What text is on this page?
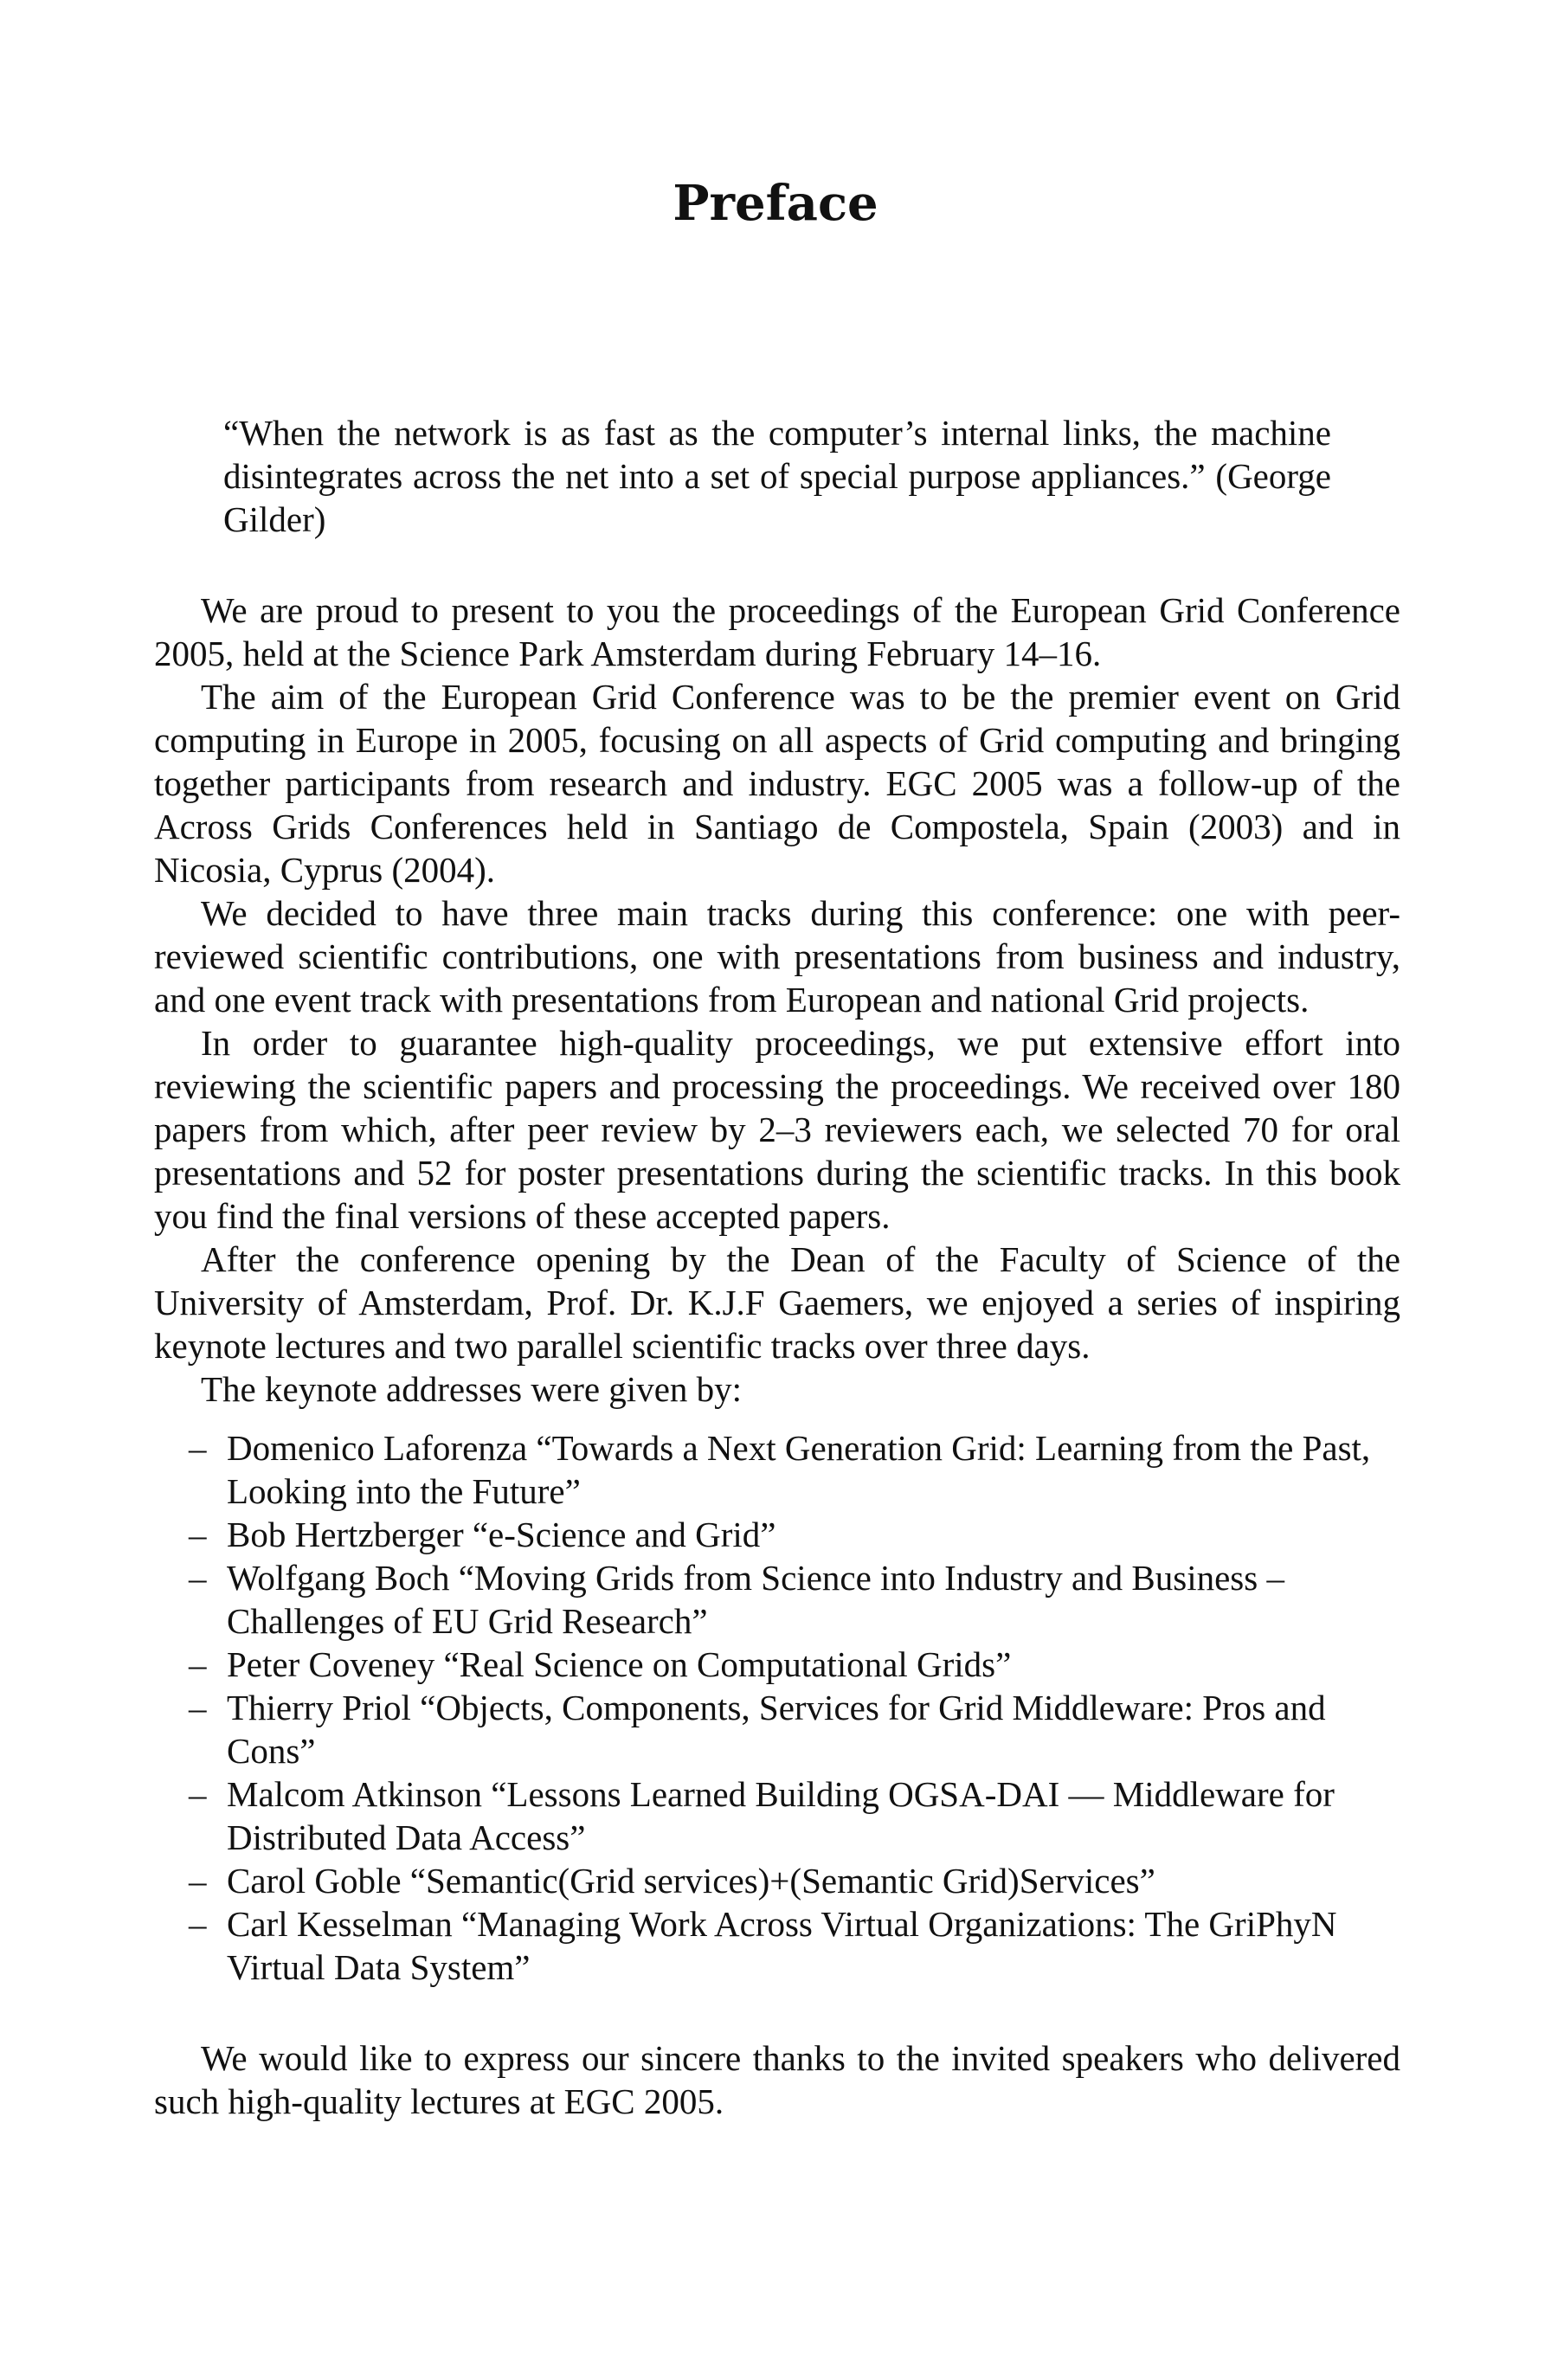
Preface

“When the network is as fast as the computer’s internal links, the machine disintegrates across the net into a set of special purpose appliances.” (George Gilder)

We are proud to present to you the proceedings of the European Grid Conference 2005, held at the Science Park Amsterdam during February 14–16.

The aim of the European Grid Conference was to be the premier event on Grid computing in Europe in 2005, focusing on all aspects of Grid computing and bringing together participants from research and industry. EGC 2005 was a follow-up of the Across Grids Conferences held in Santiago de Compostela, Spain (2003) and in Nicosia, Cyprus (2004).

We decided to have three main tracks during this conference: one with peer-reviewed scientific contributions, one with presentations from business and industry, and one event track with presentations from European and national Grid projects.

In order to guarantee high-quality proceedings, we put extensive effort into reviewing the scientific papers and processing the proceedings. We received over 180 papers from which, after peer review by 2–3 reviewers each, we selected 70 for oral presentations and 52 for poster presentations during the scientific tracks. In this book you find the final versions of these accepted papers.

After the conference opening by the Dean of the Faculty of Science of the University of Amsterdam, Prof. Dr. K.J.F Gaemers, we enjoyed a series of inspiring keynote lectures and two parallel scientific tracks over three days.

The keynote addresses were given by:

– Domenico Laforenza “Towards a Next Generation Grid: Learning from the Past, Looking into the Future”
– Bob Hertzberger “e-Science and Grid”
– Wolfgang Boch “Moving Grids from Science into Industry and Business – Challenges of EU Grid Research”
– Peter Coveney “Real Science on Computational Grids”
– Thierry Priol “Objects, Components, Services for Grid Middleware: Pros and Cons”
– Malcom Atkinson “Lessons Learned Building OGSA-DAI — Middleware for Distributed Data Access”
– Carol Goble “Semantic(Grid services)+(Semantic Grid)Services”
– Carl Kesselman “Managing Work Across Virtual Organizations: The GriPhyN Virtual Data System”

We would like to express our sincere thanks to the invited speakers who delivered such high-quality lectures at EGC 2005.
